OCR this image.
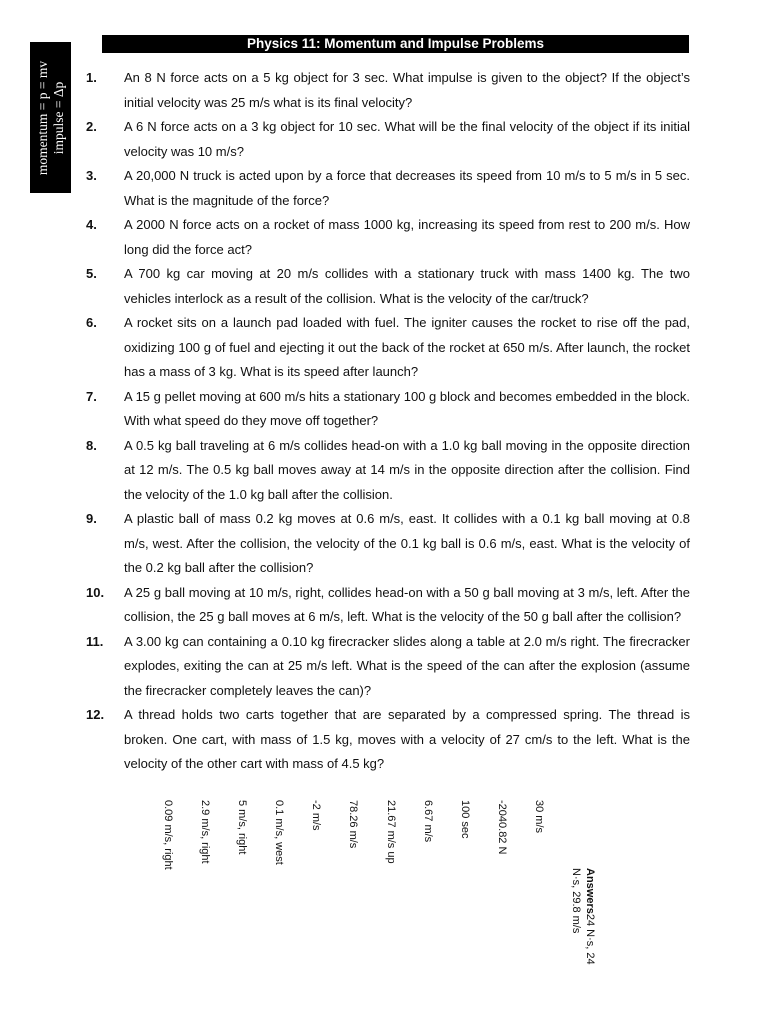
Physics 11: Momentum and Impulse Problems
momentum = p = mv impulse = Δp
1.	An 8 N force acts on a 5 kg object for 3 sec. What impulse is given to the object? If the object’s initial velocity was 25 m/s what is its final velocity?
2.	A 6 N force acts on a 3 kg object for 10 sec. What will be the final velocity of the object if its initial velocity was 10 m/s?
3.	A 20,000 N truck is acted upon by a force that decreases its speed from 10 m/s to 5 m/s in 5 sec. What is the magnitude of the force?
4.	A 2000 N force acts on a rocket of mass 1000 kg, increasing its speed from rest to 200 m/s. How long did the force act?
5.	A 700 kg car moving at 20 m/s collides with a stationary truck with mass 1400 kg. The two vehicles interlock as a result of the collision. What is the velocity of the car/truck?
6.	A rocket sits on a launch pad loaded with fuel. The igniter causes the rocket to rise off the pad, oxidizing 100 g of fuel and ejecting it out the back of the rocket at 650 m/s. After launch, the rocket has a mass of 3 kg. What is its speed after launch?
7.	A 15 g pellet moving at 600 m/s hits a stationary 100 g block and becomes embedded in the block. With what speed do they move off together?
8.	A 0.5 kg ball traveling at 6 m/s collides head-on with a 1.0 kg ball moving in the opposite direction at 12 m/s. The 0.5 kg ball moves away at 14 m/s in the opposite direction after the collision. Find the velocity of the 1.0 kg ball after the collision.
9.	A plastic ball of mass 0.2 kg moves at 0.6 m/s, east. It collides with a 0.1 kg ball moving at 0.8 m/s, west. After the collision, the velocity of the 0.1 kg ball is 0.6 m/s, east. What is the velocity of the 0.2 kg ball after the collision?
10.	A 25 g ball moving at 10 m/s, right, collides head-on with a 50 g ball moving at 3 m/s, left. After the collision, the 25 g ball moves at 6 m/s, left. What is the velocity of the 50 g ball after the collision?
11.	A 3.00 kg can containing a 0.10 kg firecracker slides along a table at 2.0 m/s right. The firecracker explodes, exiting the can at 25 m/s left. What is the speed of the can after the explosion (assume the firecracker completely leaves the can)?
12.	A thread holds two carts together that are separated by a compressed spring. The thread is broken. One cart, with mass of 1.5 kg, moves with a velocity of 27 cm/s to the left. What is the velocity of the other cart with mass of 4.5 kg?
30 m/s
-2040.82 N
100 sec
6.67 m/s
21.67 m/s up
78.26 m/s
-2 m/s
0.1 m/s, west
5 m/s, right
2.9 m/s, right
0.09 m/s, right
Answers24 N·s, 24
N·s, 29.8 m/s
